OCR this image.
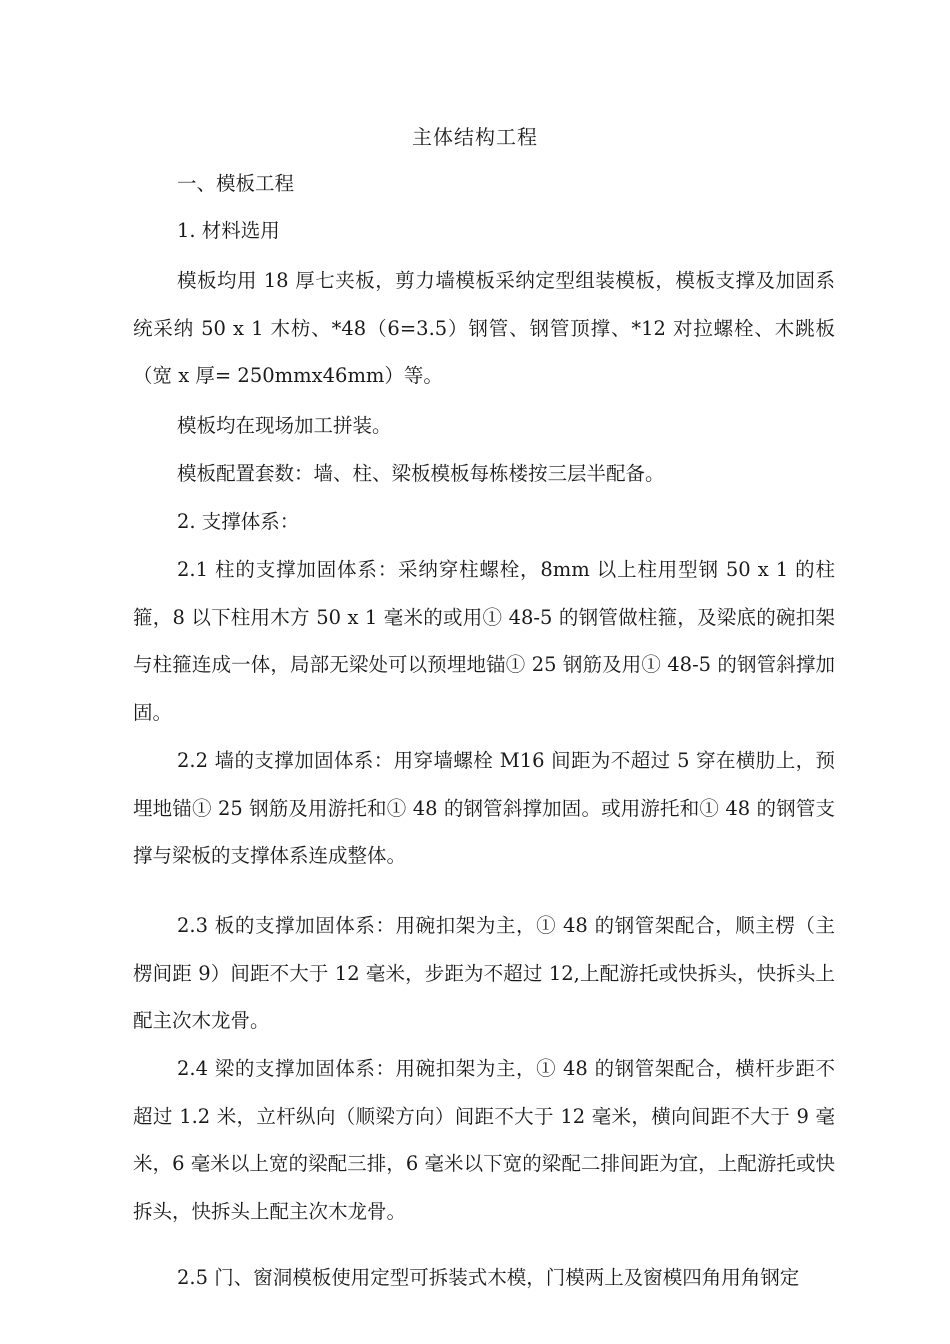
主体结构工程

一、模板工程

1. 材料选用

模板均用 18 厚七夹板，剪力墙模板采纳定型组装模板，模板支撑及加固系统采纳 50 x 1 木枋、*48（6=3.5）钢管、钢管顶撑、*12 对拉螺栓、木跳板（宽 x 厚= 250mmx46mm）等。

模板均在现场加工拼装。

模板配置套数：墙、柱、梁板模板每栋楼按三层半配备。

2. 支撑体系：

2.1 柱的支撑加固体系：采纳穿柱螺栓，8mm 以上柱用型钢 50 x 1 的柱箍，8 以下柱用木方 50 x 1 毫米的或用① 48-5 的钢管做柱箍，及梁底的碗扣架与柱箍连成一体，局部无梁处可以预埋地锚① 25 钢筋及用① 48-5 的钢管斜撑加固。

2.2 墙的支撑加固体系：用穿墙螺栓 M16 间距为不超过 5 穿在横肋上，预埋地锚① 25 钢筋及用游托和① 48 的钢管斜撑加固。或用游托和① 48 的钢管支撑与梁板的支撑体系连成整体。

2.3 板的支撑加固体系：用碗扣架为主，① 48 的钢管架配合，顺主楞（主楞间距 9）间距不大于 12 毫米，步距为不超过 12,上配游托或快拆头，快拆头上配主次木龙骨。

2.4 梁的支撑加固体系：用碗扣架为主，① 48 的钢管架配合，横杆步距不超过 1.2 米，立杆纵向（顺梁方向）间距不大于 12 毫米，横向间距不大于 9 毫米，6 毫米以上宽的梁配三排，6 毫米以下宽的梁配二排间距为宜，上配游托或快拆头，快拆头上配主次木龙骨。

2.5 门、窗洞模板使用定型可拆装式木模，门模两上及窗模四角用角钢定
